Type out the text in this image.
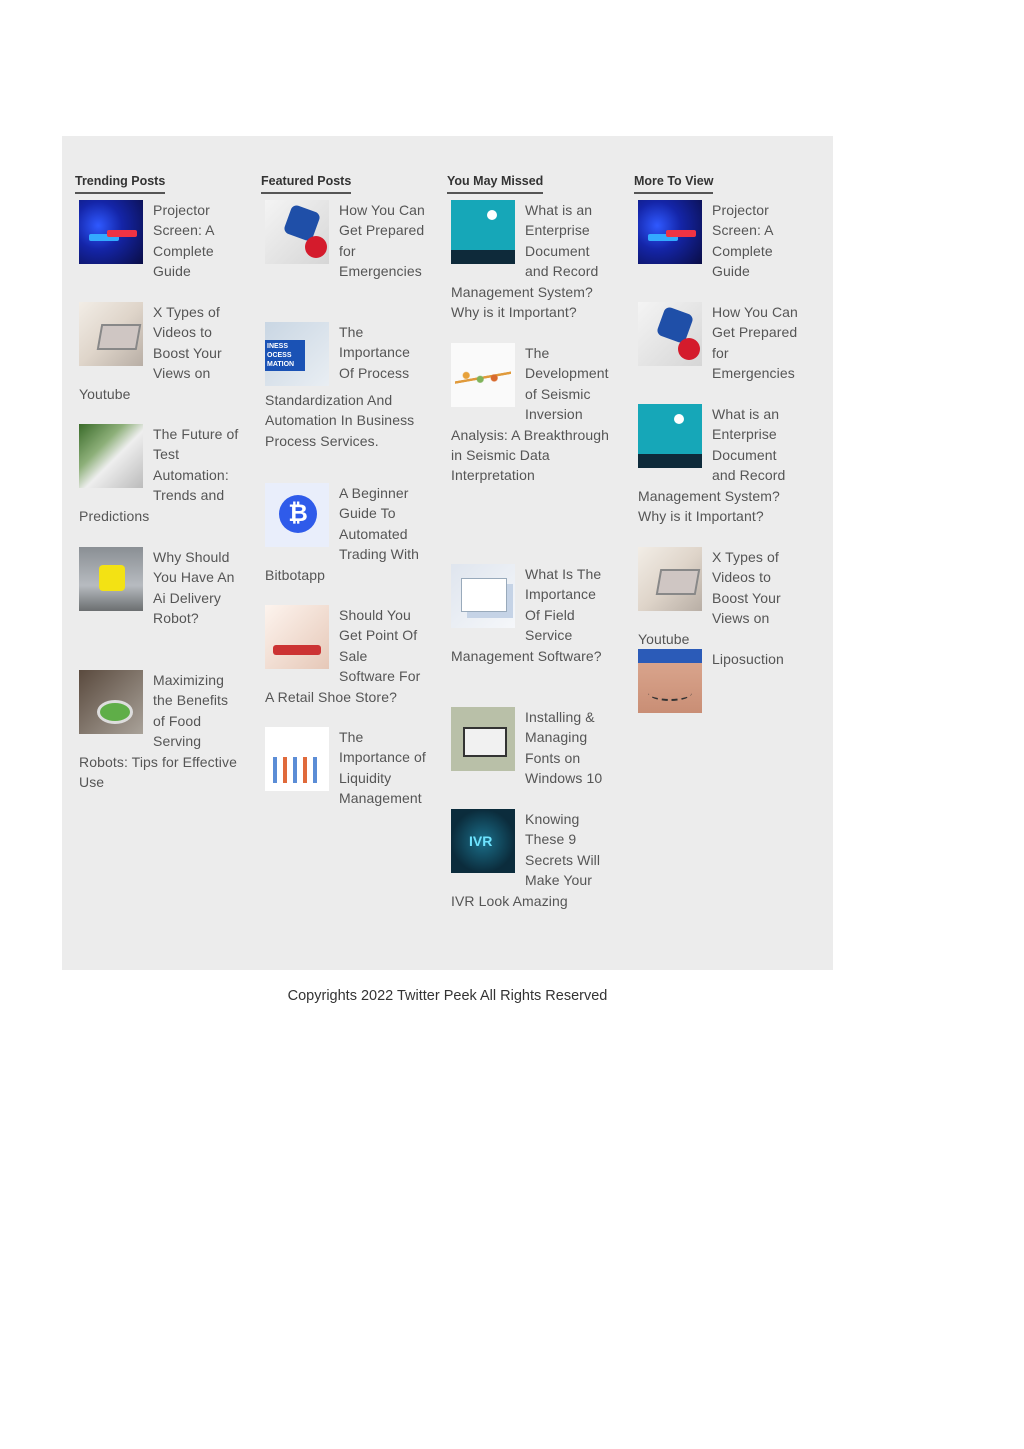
Trending Posts
Projector Screen: A Complete Guide
X Types of Videos to Boost Your Views on Youtube
The Future of Test Automation: Trends and Predictions
Why Should You Have An Ai Delivery Robot?
Maximizing the Benefits of Food Serving Robots: Tips for Effective Use
Featured Posts
How You Can Get Prepared for Emergencies
INESS OCESS MATION
The Importance Of Process Standardization And Automation In Business Process Services.
₿
A Beginner Guide To Automated Trading With Bitbotapp
Should You Get Point Of Sale Software For A Retail Shoe Store?
The Importance of Liquidity Management
You May Missed
What is an Enterprise Document and Record Management System? Why is it Important?
The Development of Seismic Inversion Analysis: A Breakthrough in Seismic Data Interpretation
What Is The Importance Of Field Service Management Software?
Installing & Managing Fonts on Windows 10
IVR
Knowing These 9 Secrets Will Make Your IVR Look Amazing
More To View
Projector Screen: A Complete Guide
How You Can Get Prepared for Emergencies
What is an Enterprise Document and Record Management System? Why is it Important?
X Types of Videos to Boost Your Views on Youtube
Liposuction
Copyrights 2022 Twitter Peek All Rights Reserved
